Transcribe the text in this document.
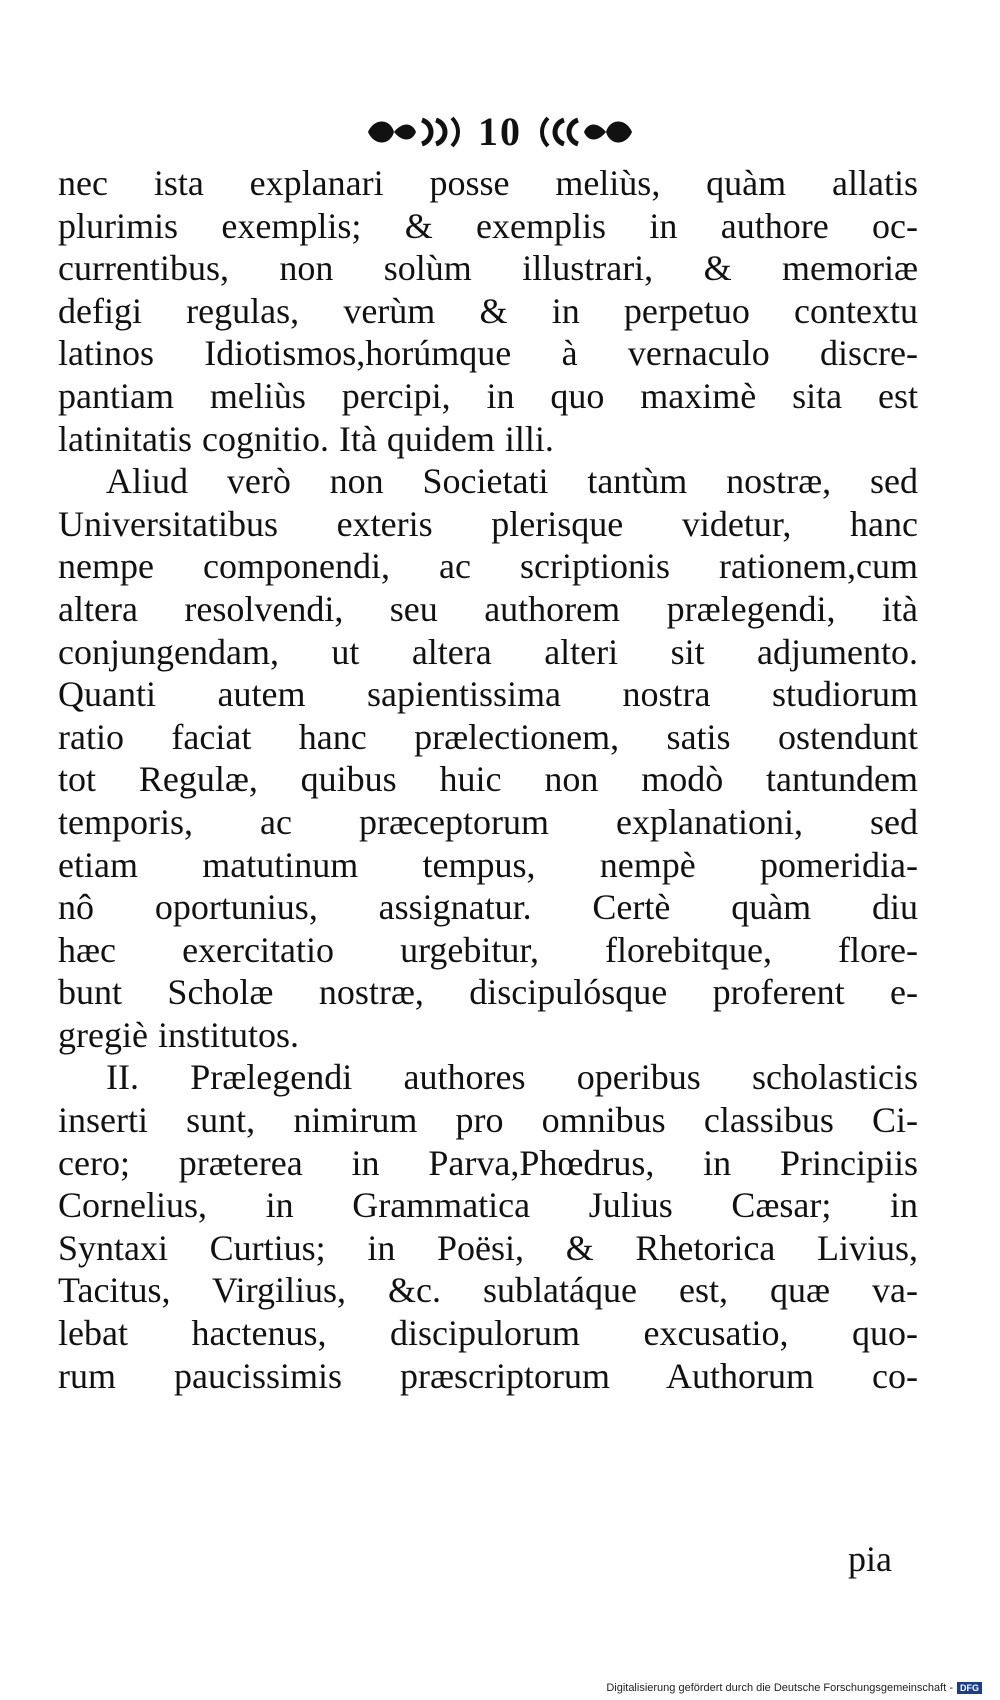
10
nec ista explanari posse meliùs, quàm allatis
plurimis exemplis; & exemplis in authore oc-
currentibus, non solùm illustrari, & memoriæ
defigi regulas, verùm & in perpetuo contextu
latinos Idiotismos,horúmque à vernaculo discre-
pantiam meliùs percipi, in quo maximè sita est
latinitatis cognitio. Ità quidem illi.
Aliud verò non Societati tantùm nostræ, sed
Universitatibus exteris plerisque videtur, hanc
nempe componendi, ac scriptionis rationem,cum
altera resolvendi, seu authorem prælegendi, ità
conjungendam, ut altera alteri sit adjumento.
Quanti autem sapientissima nostra studiorum
ratio faciat hanc prælectionem, satis ostendunt
tot Regulæ, quibus huic non modò tantundem
temporis, ac præceptorum explanationi, sed
etiam matutinum tempus, nempè pomeridia-
nô oportunius, assignatur. Certè quàm diu
hæc exercitatio urgebitur, florebitque, flore-
bunt Scholæ nostræ, discipulósque proferent e-
gregiè institutos.
II. Prælegendi authores operibus scholasticis
inserti sunt, nimirum pro omnibus classibus Ci-
cero; præterea in Parva,Phœdrus, in Principiis
Cornelius, in Grammatica Julius Cæsar; in
Syntaxi Curtius; in Poësi, & Rhetorica Livius,
Tacitus, Virgilius, &c. sublatáque est, quæ va-
lebat hactenus, discipulorum excusatio, quo-
rum paucissimis præscriptorum Authorum co-
pia
Digitalisierung gefördert durch die Deutsche Forschungsgemeinschaft - DFG
